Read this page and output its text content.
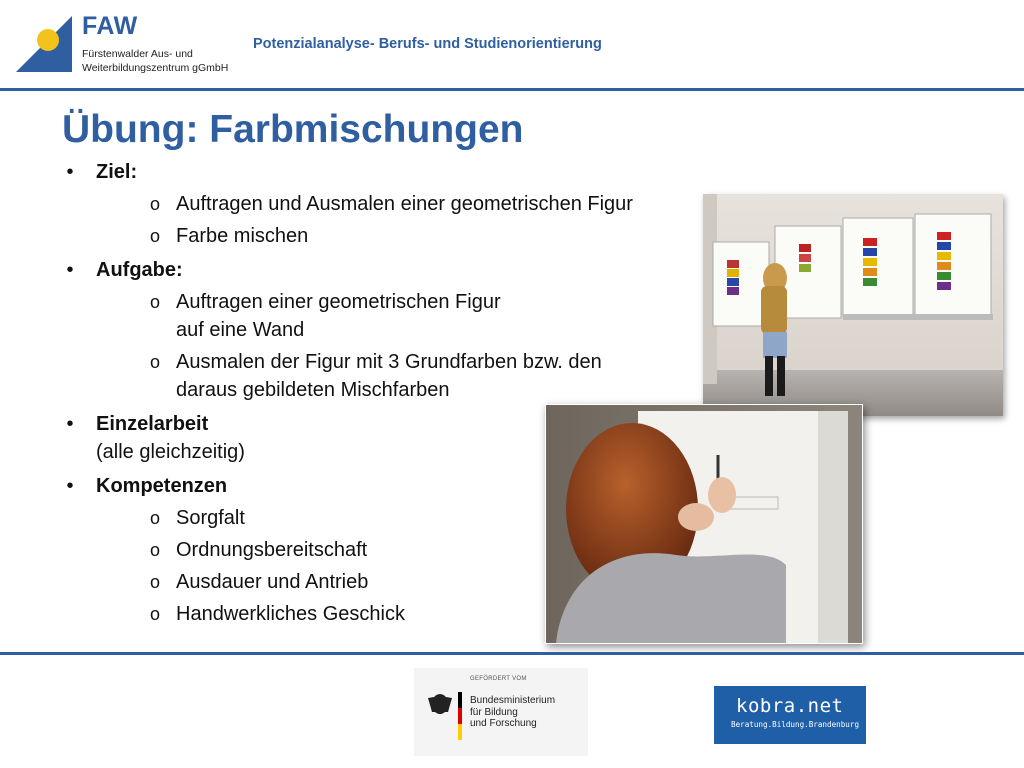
FAW
Fürstenwalder Aus- und
Weiterbildungszentrum gGmbH
Potenzialanalyse- Berufs- und Studienorientierung
Übung: Farbmischungen
•	Ziel:
o Auftragen und Ausmalen einer geometrischen Figur
o Farbe mischen
•	Aufgabe:
o Auftragen einer geometrischen Figur
auf eine Wand
o Ausmalen der Figur mit 3 Grundfarben bzw. den
daraus gebildeten Mischfarben
•	Einzelarbeit
(alle gleichzeitig)
•	Kompetenzen
o Sorgfalt
o Ordnungsbereitschaft
o Ausdauer und Antrieb
o Handwerkliches Geschick
GEFÖRDERT VOM
Bundesministerium
für Bildung
und Forschung
kobra.net
Beratung.Bildung.Brandenburg
